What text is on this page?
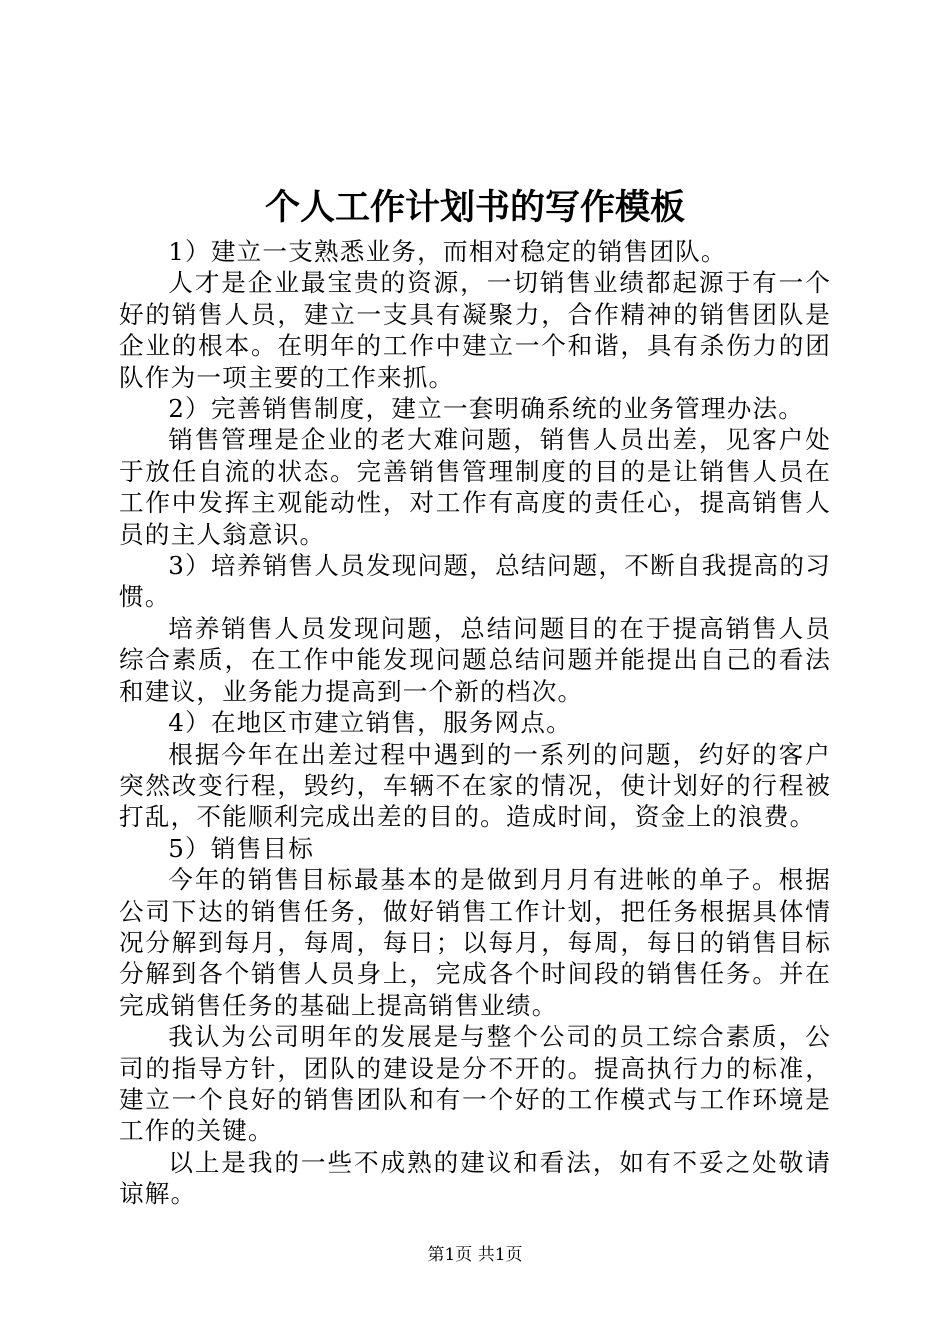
个人工作计划书的写作模板

1）建立一支熟悉业务，而相对稳定的销售团队。

人才是企业最宝贵的资源，一切销售业绩都起源于有一个好的销售人员，建立一支具有凝聚力，合作精神的销售团队是企业的根本。在明年的工作中建立一个和谐，具有杀伤力的团队作为一项主要的工作来抓。

2）完善销售制度，建立一套明确系统的业务管理办法。

销售管理是企业的老大难问题，销售人员出差，见客户处于放任自流的状态。完善销售管理制度的目的是让销售人员在工作中发挥主观能动性，对工作有高度的责任心，提高销售人员的主人翁意识。

3）培养销售人员发现问题，总结问题，不断自我提高的习惯。

培养销售人员发现问题，总结问题目的在于提高销售人员综合素质，在工作中能发现问题总结问题并能提出自己的看法和建议，业务能力提高到一个新的档次。

4）在地区市建立销售，服务网点。

根据今年在出差过程中遇到的一系列的问题，约好的客户突然改变行程，毁约，车辆不在家的情况，使计划好的行程被打乱，不能顺利完成出差的目的。造成时间，资金上的浪费。

5）销售目标

今年的销售目标最基本的是做到月月有进帐的单子。根据公司下达的销售任务，做好销售工作计划，把任务根据具体情况分解到每月，每周，每日；以每月，每周，每日的销售目标分解到各个销售人员身上，完成各个时间段的销售任务。并在完成销售任务的基础上提高销售业绩。

我认为公司明年的发展是与整个公司的员工综合素质，公司的指导方针，团队的建设是分不开的。提高执行力的标准，建立一个良好的销售团队和有一个好的工作模式与工作环境是工作的关键。

以上是我的一些不成熟的建议和看法，如有不妥之处敬请谅解。

第1页 共1页
